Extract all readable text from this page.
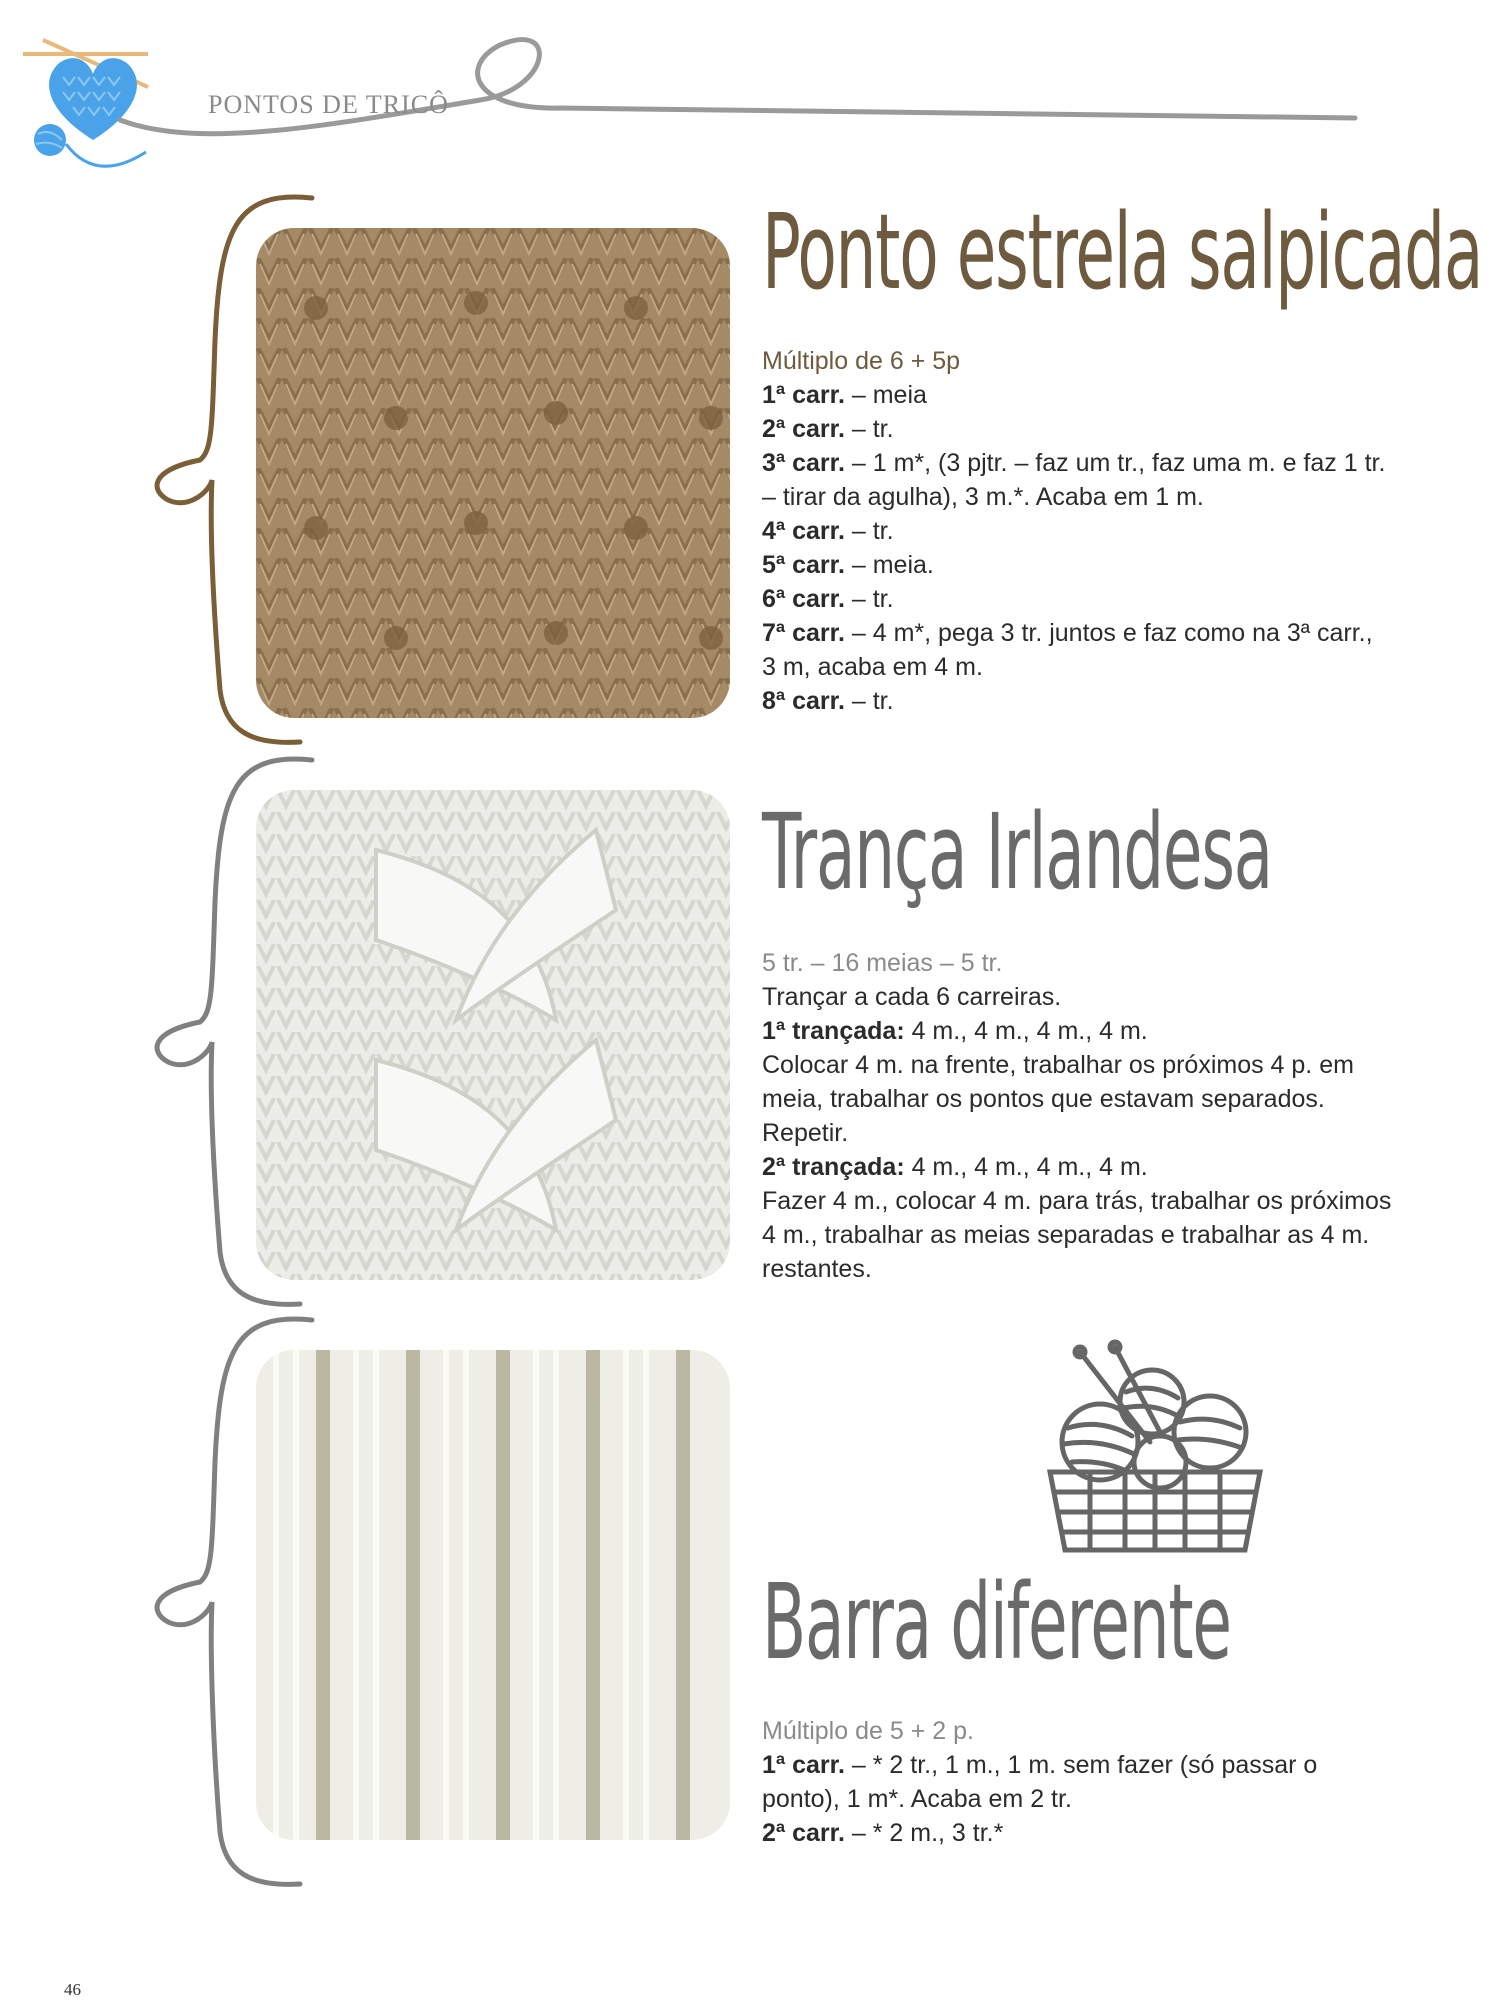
PONTOS DE TRICÔ
Ponto estrela salpicada

Múltiplo de 6 + 5p

1ª carr. – meia

2ª carr. – tr.

3ª carr. – 1 m*, (3 pjtr. – faz um tr., faz uma m. e faz 1 tr. – tirar da agulha), 3 m.*. Acaba em 1 m.

4ª carr. – tr.

5ª carr. – meia.

6ª carr. – tr.

7ª carr. – 4 m*, pega 3 tr. juntos e faz como na 3ª carr., 3 m, acaba em 4 m.

8ª carr. – tr.

Trança Irlandesa

5 tr. – 16 meias – 5 tr.

Trançar a cada 6 carreiras.

1ª trançada: 4 m., 4 m., 4 m., 4 m.

Colocar 4 m. na frente, trabalhar os próximos 4 p. em meia, trabalhar os pontos que estavam separados. Repetir.

2ª trançada: 4 m., 4 m., 4 m., 4 m.

Fazer 4 m., colocar 4 m. para trás, trabalhar os próximos 4 m., trabalhar as meias separadas e trabalhar as 4 m. restantes.

Barra diferente

Múltiplo de 5 + 2 p.

1ª carr. – * 2 tr., 1 m., 1 m. sem fazer (só passar o ponto), 1 m*. Acaba em 2 tr.

2ª carr. – * 2 m., 3 tr.*

46
